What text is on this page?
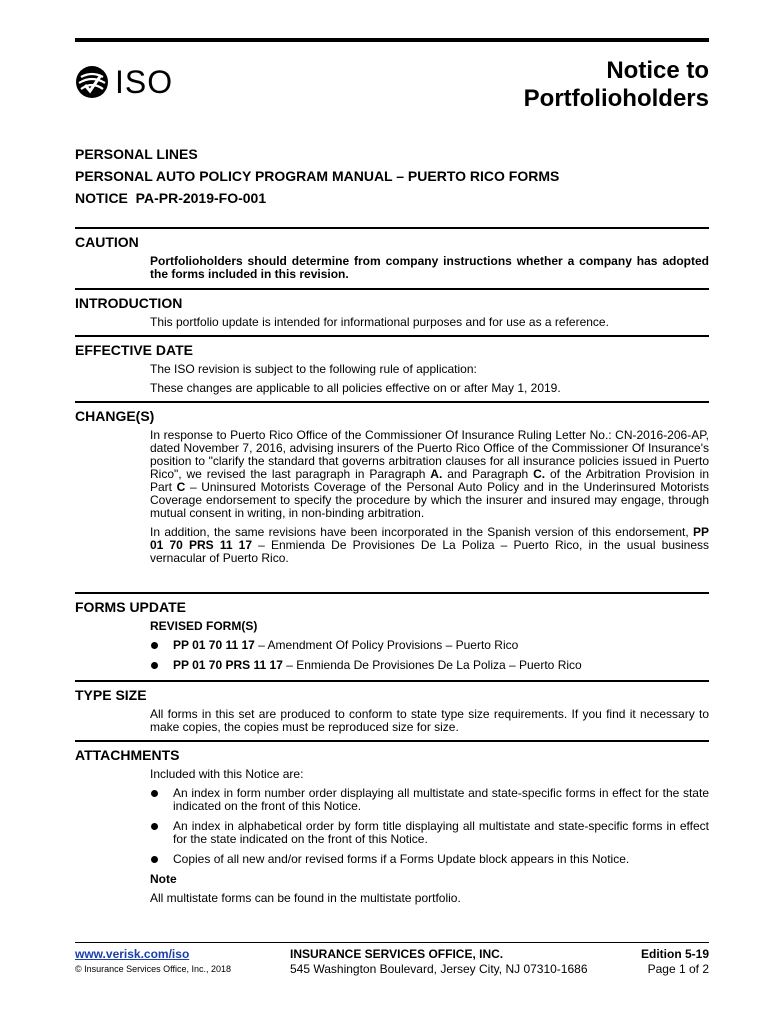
ISO	Notice to
Portfolioholders
PERSONAL LINES
PERSONAL AUTO POLICY PROGRAM MANUAL – PUERTO RICO FORMS
NOTICE  PA-PR-2019-FO-001
CAUTION

Portfolioholders should determine from company instructions whether a company has adopted the forms included in this revision.

INTRODUCTION

This portfolio update is intended for informational purposes and for use as a reference.

EFFECTIVE DATE

The ISO revision is subject to the following rule of application:

These changes are applicable to all policies effective on or after May 1, 2019.

CHANGE(S)

In response to Puerto Rico Office of the Commissioner Of Insurance Ruling Letter No.: CN-2016-206-AP, dated November 7, 2016, advising insurers of the Puerto Rico Office of the Commissioner Of Insurance's position to "clarify the standard that governs arbitration clauses for all insurance policies issued in Puerto Rico", we revised the last paragraph in Paragraph A. and Paragraph C. of the Arbitration Provision in Part C – Uninsured Motorists Coverage of the Personal Auto Policy and in the Underinsured Motorists Coverage endorsement to specify the procedure by which the insurer and insured may engage, through mutual consent in writing, in non-binding arbitration.

In addition, the same revisions have been incorporated in the Spanish version of this endorsement, PP 01 70 PRS 11 17 – Enmienda De Provisiones De La Poliza – Puerto Rico, in the usual business vernacular of Puerto Rico.

FORMS UPDATE
REVISED FORM(S)
PP 01 70 11 17 – Amendment Of Policy Provisions – Puerto Rico
PP 01 70 PRS 11 17 – Enmienda De Provisiones De La Poliza – Puerto Rico
TYPE SIZE

All forms in this set are produced to conform to state type size requirements. If you find it necessary to make copies, the copies must be reproduced size for size.

ATTACHMENTS

Included with this Notice are:

An index in form number order displaying all multistate and state-specific forms in effect for the state indicated on the front of this Notice.
An index in alphabetical order by form title displaying all multistate and state-specific forms in effect for the state indicated on the front of this Notice.
Copies of all new and/or revised forms if a Forms Update block appears in this Notice.

Note

All multistate forms can be found in the multistate portfolio.

www.verisk.com/iso
© Insurance Services Office, Inc., 2018
INSURANCE SERVICES OFFICE, INC.
545 Washington Boulevard, Jersey City, NJ 07310-1686
Edition 5-19
Page 1 of 2
